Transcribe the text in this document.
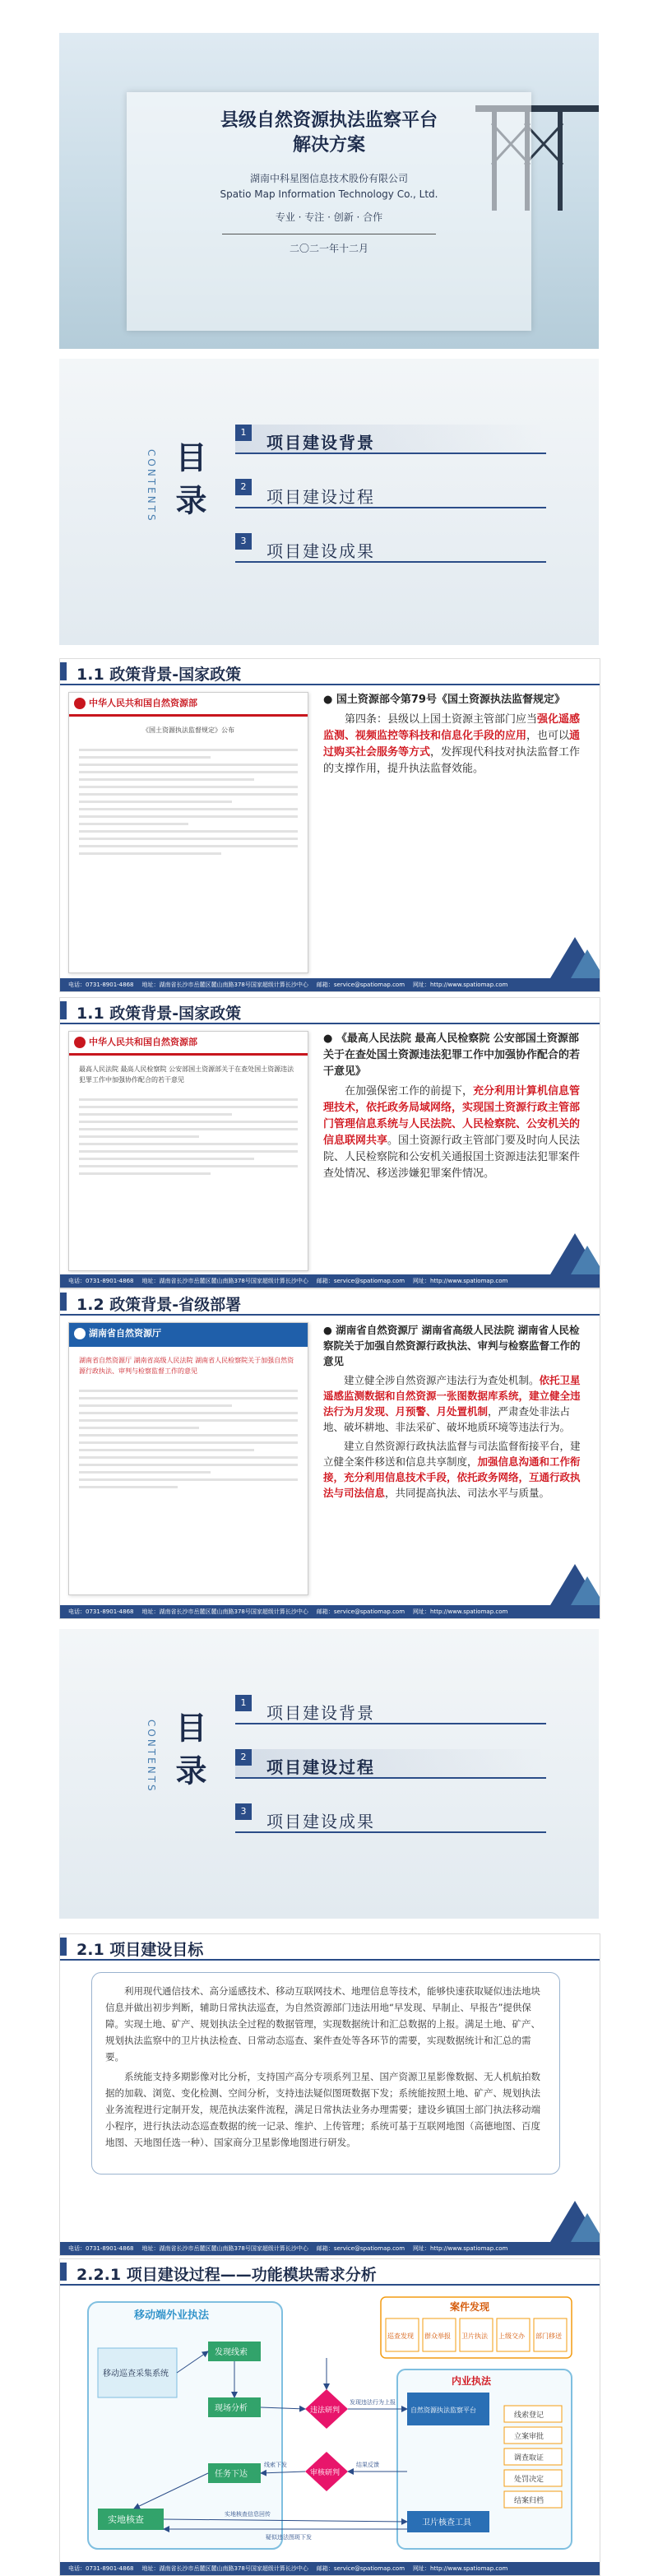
县级自然资源执法监察平台

解决方案

湖南中科星图信息技术股份有限公司

Spatio Map Information Technology Co., Ltd.

专业 · 专注 · 创新 · 合作

二〇二一年十二月

CONTENTS 目录
1
项目建设背景
2
项目建设过程
3
项目建设成果
1.1 政策背景-国家政策
中华人民共和国自然资源部
《国土资源执法监督规定》公布
● 国土资源部令第79号《国土资源执法监督规定》

第四条：县级以上国土资源主管部门应当强化遥感监测、视频监控等科技和信息化手段的应用，也可以通过购买社会服务等方式，发挥现代科技对执法监督工作的支撑作用，提升执法监督效能。

电话：0731-8901-4868 地址：湖南省长沙市岳麓区麓山南路378号国家超级计算长沙中心 邮箱：service@spatiomap.com 网址：http://www.spatiomap.com
1.1 政策背景-国家政策
中华人民共和国自然资源部
最高人民法院 最高人民检察院 公安部国土资源部关于在查处国土资源违法犯罪工作中加强协作配合的若干意见
● 《最高人民法院 最高人民检察院 公安部国土资源部关于在查处国土资源违法犯罪工作中加强协作配合的若干意见》

在加强保密工作的前提下，充分利用计算机信息管理技术，依托政务局域网络，实现国土资源行政主管部门管理信息系统与人民法院、人民检察院、公安机关的信息联网共享。国土资源行政主管部门要及时向人民法院、人民检察院和公安机关通报国土资源违法犯罪案件查处情况、移送涉嫌犯罪案件情况。

电话：0731-8901-4868 地址：湖南省长沙市岳麓区麓山南路378号国家超级计算长沙中心 邮箱：service@spatiomap.com 网址：http://www.spatiomap.com
1.2 政策背景-省级部署
湖南省自然资源厅
湖南省自然资源厅 湖南省高级人民法院 湖南省人民检察院关于加强自然资源行政执法、审判与检察监督工作的意见
● 湖南省自然资源厅 湖南省高级人民法院 湖南省人民检察院关于加强自然资源行政执法、审判与检察监督工作的意见

建立健全涉自然资源产违法行为查处机制。依托卫星遥感监测数据和自然资源一张图数据库系统，建立健全违法行为月发现、月预警、月处置机制，严肃查处非法占地、破坏耕地、非法采矿、破坏地质环境等违法行为。

建立自然资源行政执法监督与司法监督衔接平台，建立健全案件移送和信息共享制度，加强信息沟通和工作衔接，充分利用信息技术手段，依托政务网络，互通行政执法与司法信息，共同提高执法、司法水平与质量。

电话：0731-8901-4868 地址：湖南省长沙市岳麓区麓山南路378号国家超级计算长沙中心 邮箱：service@spatiomap.com 网址：http://www.spatiomap.com
CONTENTS 目录
1
项目建设背景
2
项目建设过程
3
项目建设成果
2.1 项目建设目标

利用现代通信技术、高分遥感技术、移动互联网技术、地理信息等技术，能够快速获取疑似违法地块信息并做出初步判断，辅助日常执法巡查，为自然资源部门违法用地“早发现、早制止、早报告”提供保障。实现土地、矿产、规划执法全过程的数据管理，实现数据统计和汇总数据的上报。满足土地、矿产、规划执法监察中的卫片执法检查、日常动态巡查、案件查处等各环节的需要，实现数据统计和汇总的需要。

系统能支持多期影像对比分析，支持国产高分专项系列卫星、国产资源卫星影像数据、无人机航拍数据的加载、浏览、变化检测、空间分析，支持违法疑似图斑数据下发；系统能按照土地、矿产、规划执法业务流程进行定制开发，规范执法案件流程，满足日常执法业务办理需要；建设乡镇国土部门执法移动端小程序，进行执法动态巡查数据的统一记录、维护、上传管理；系统可基于互联网地图（高德地图、百度地图、天地图任选一种）、国家商分卫星影像地图进行研发。

电话：0731-8901-4868 地址：湖南省长沙市岳麓区麓山南路378号国家超级计算长沙中心 邮箱：service@spatiomap.com 网址：http://www.spatiomap.com
2.2.1 项目建设过程——功能模块需求分析
移动端外业执法
移动巡查采集系统
实地核查
发现线索
现场分析
任务下达
违法研判
审核研判
案件发现
巡查发现 群众举报 卫片执法 上级交办 部门移送
内业执法
自然资源执法监察平台
卫片核查工具
线索登记
立案审批
调查取证
处罚决定
结案归档
发现违法行为上报
线索下发	结果反馈
实地核查信息回传
疑似违法图斑下发
电话：0731-8901-4868 地址：湖南省长沙市岳麓区麓山南路378号国家超级计算长沙中心 邮箱：service@spatiomap.com 网址：http://www.spatiomap.com
